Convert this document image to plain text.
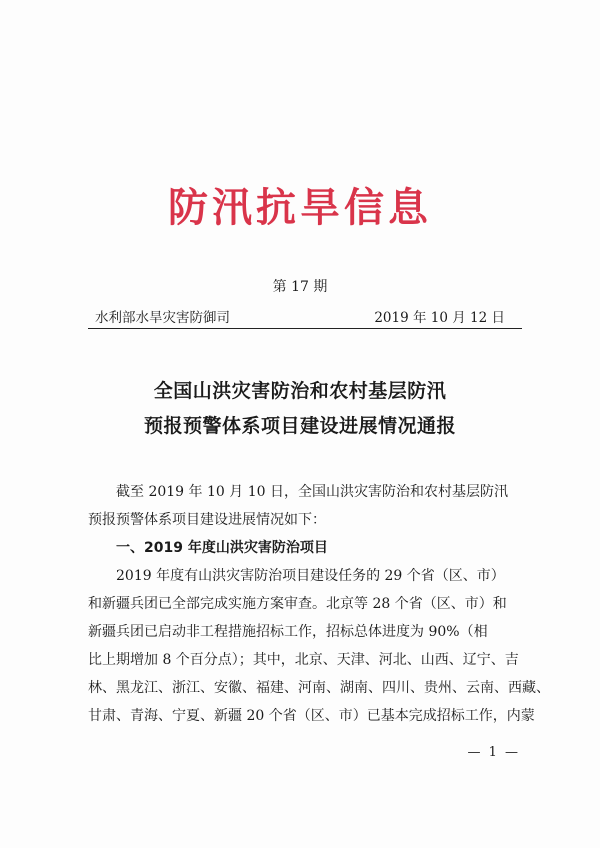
防汛抗旱信息
第 17 期
水利部水旱灾害防御司	2019 年 10 月 12 日
全国山洪灾害防治和农村基层防汛
预报预警体系项目建设进展情况通报
截至 2019 年 10 月 10 日，全国山洪灾害防治和农村基层防汛
预报预警体系项目建设进展情况如下：
一、2019 年度山洪灾害防治项目
2019 年度有山洪灾害防治项目建设任务的 29 个省（区、市）
和新疆兵团已全部完成实施方案审查。北京等 28 个省（区、市）和
新疆兵团已启动非工程措施招标工作，招标总体进度为 90%（相
比上期增加 8 个百分点）；其中，北京、天津、河北、山西、辽宁、吉
林、黑龙江、浙江、安徽、福建、河南、湖南、四川、贵州、云南、西藏、
甘肃、青海、宁夏、新疆 20 个省（区、市）已基本完成招标工作，内蒙
— 1 —
